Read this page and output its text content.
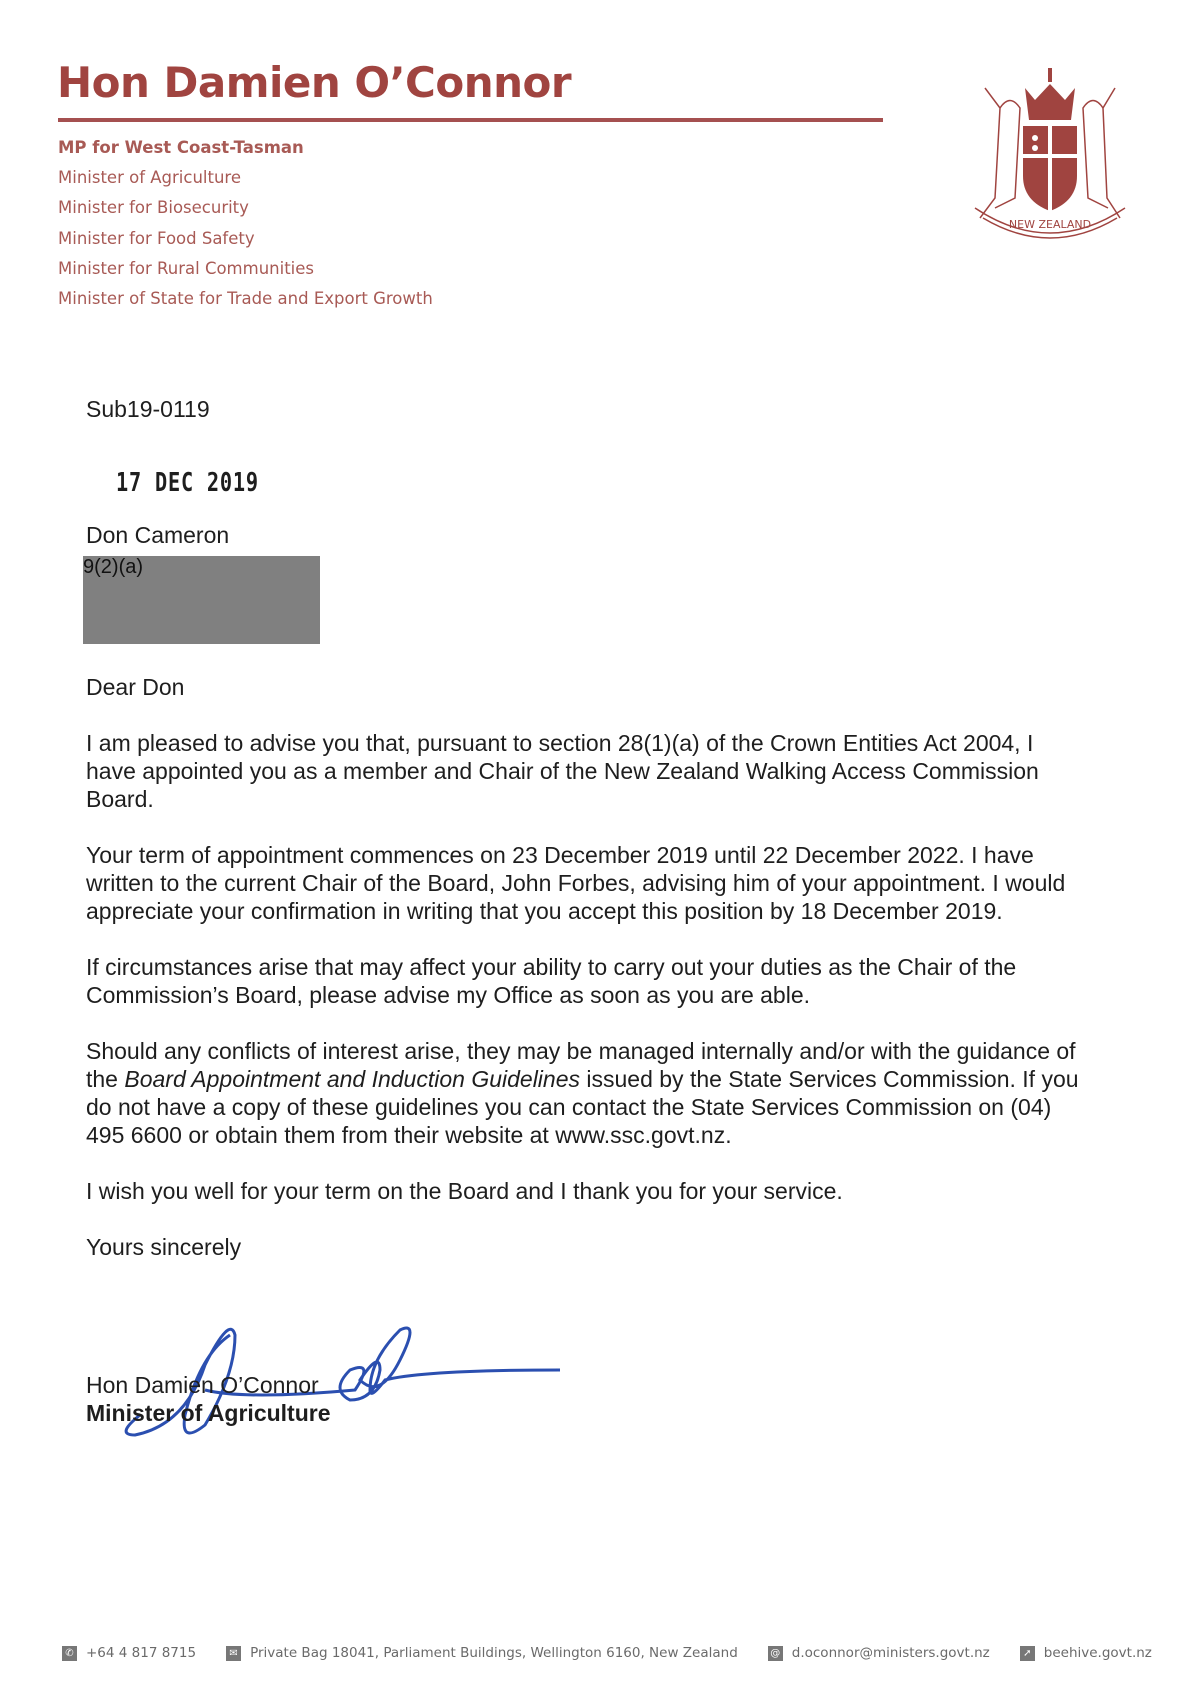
Hon Damien O’Connor
MP for West Coast-Tasman
Minister of Agriculture
Minister for Biosecurity
Minister for Food Safety
Minister for Rural Communities
Minister of State for Trade and Export Growth
NEW ZEALAND
Sub19-0119
17 DEC 2019
Don Cameron
9(2)(a)

Dear Don

I am pleased to advise you that, pursuant to section 28(1)(a) of the Crown Entities Act 2004, I have appointed you as a member and Chair of the New Zealand Walking Access Commission Board.

Your term of appointment commences on 23 December 2019 until 22 December 2022. I have written to the current Chair of the Board, John Forbes, advising him of your appointment. I would appreciate your confirmation in writing that you accept this position by 18 December 2019.

If circumstances arise that may affect your ability to carry out your duties as the Chair of the Commission’s Board, please advise my Office as soon as you are able.

Should any conflicts of interest arise, they may be managed internally and/or with the guidance of the Board Appointment and Induction Guidelines issued by the State Services Commission. If you do not have a copy of these guidelines you can contact the State Services Commission on (04) 495 6600 or obtain them from their website at www.ssc.govt.nz.

I wish you well for your term on the Board and I thank you for your service.

Yours sincerely
Hon Damien O’Connor
Minister of Agriculture
✆ +64 4 817 8715	✉ Private Bag 18041, Parliament Buildings, Wellington 6160, New Zealand	@ d.oconnor@ministers.govt.nz	➚ beehive.govt.nz
